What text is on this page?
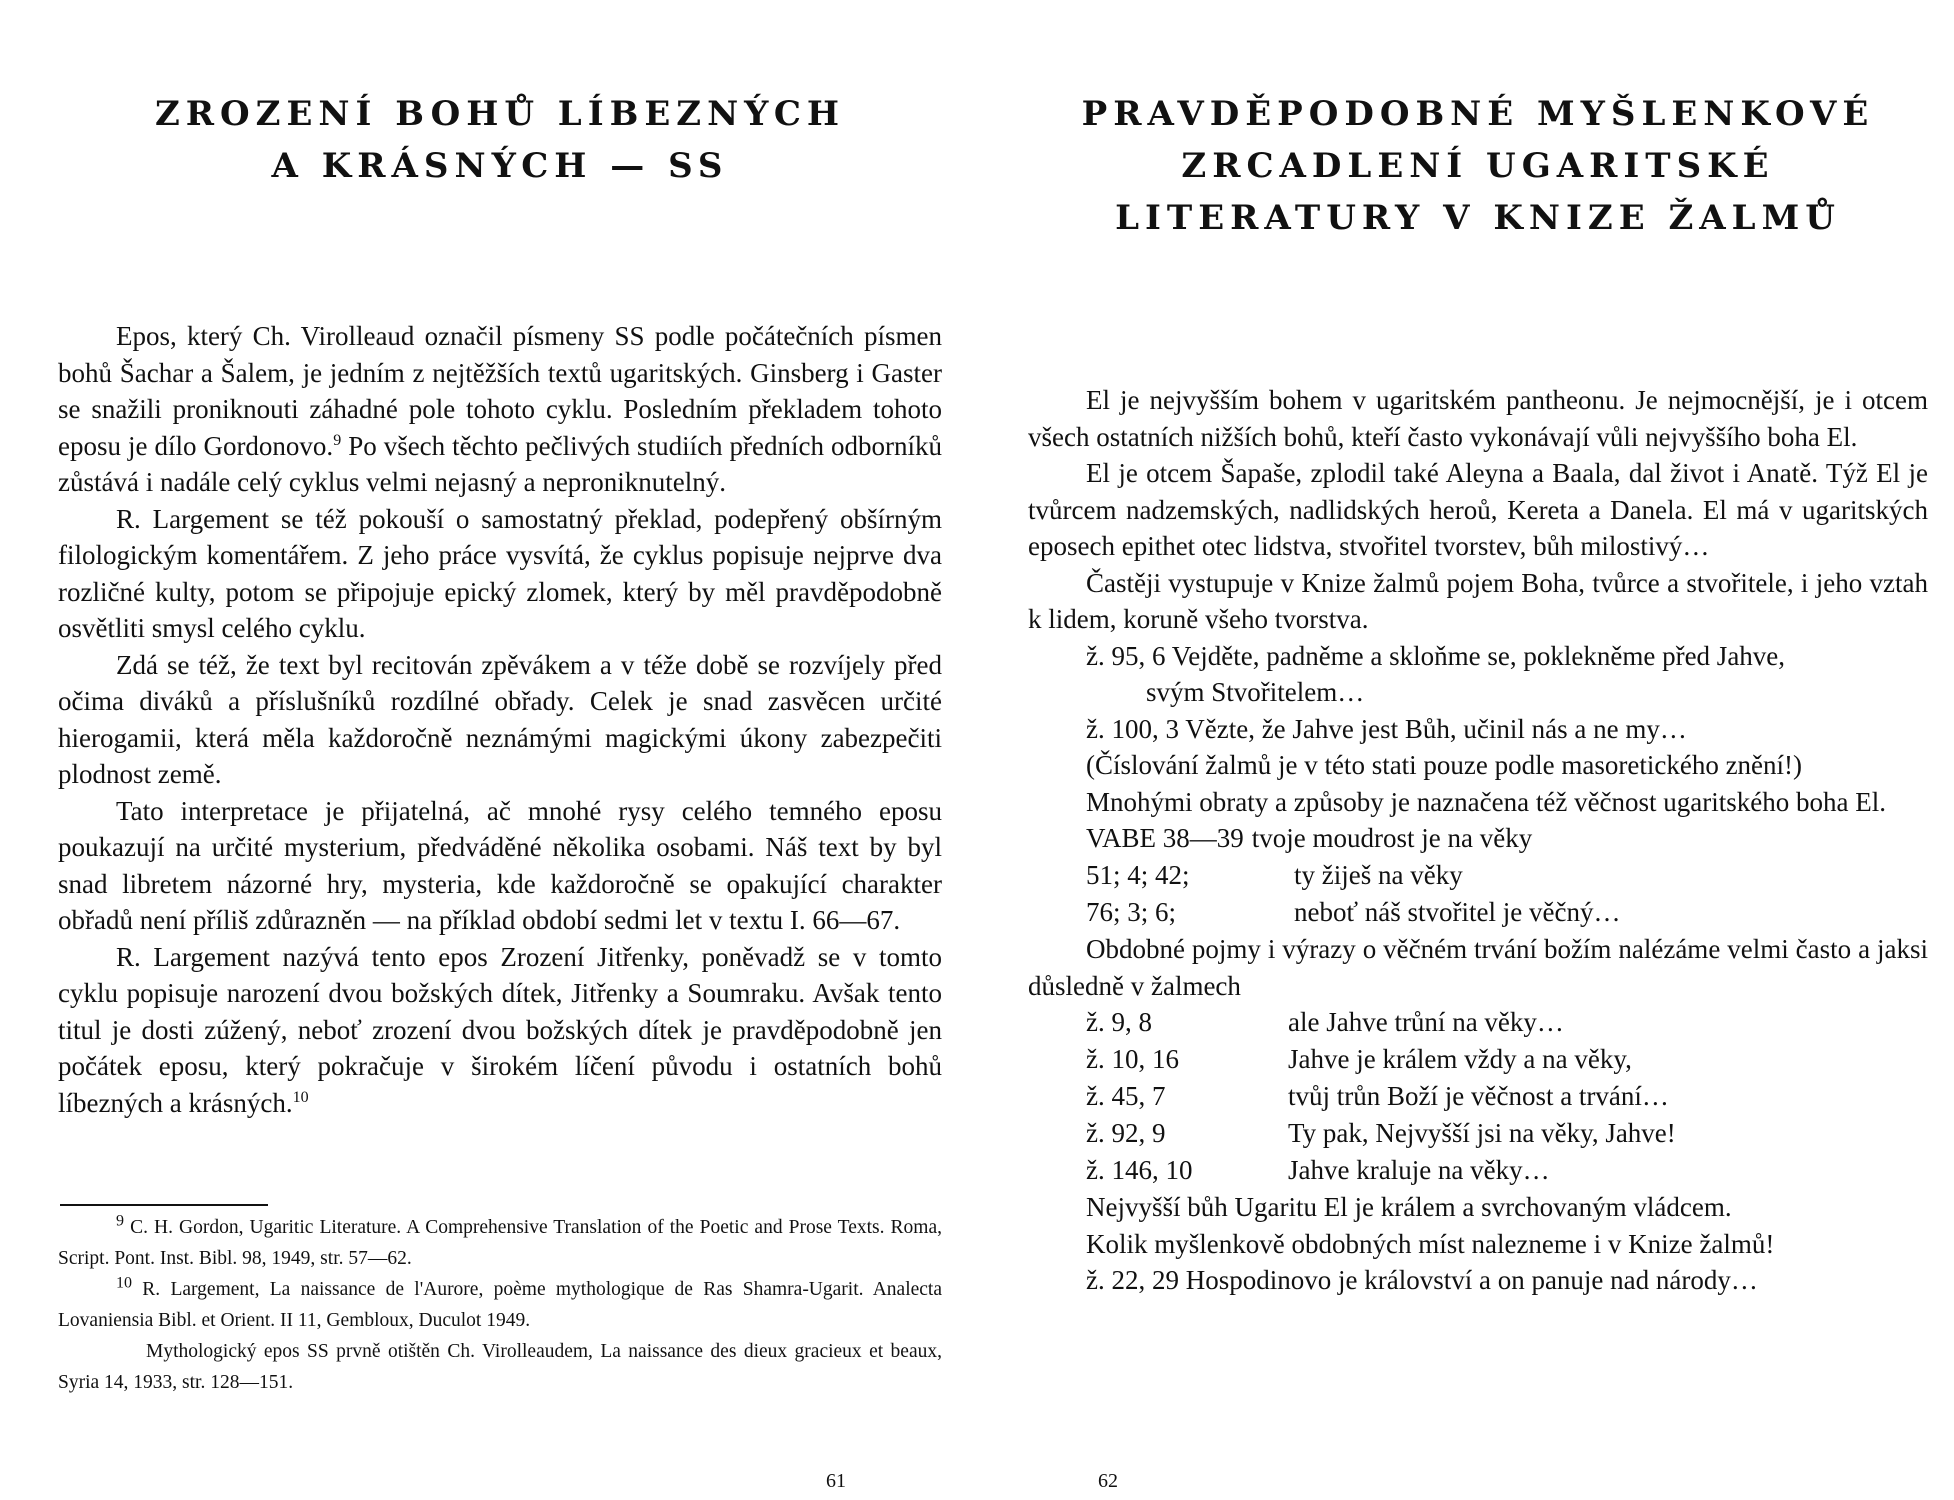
ZROZENÍ BOHŮ LÍBEZNÝCH
A KRÁSNÝCH — SS

Epos, který Ch. Virolleaud označil písmeny SS podle počátečních písmen bohů Šachar a Šalem, je jedním z nejtěžších textů ugaritských. Ginsberg i Gaster se snažili proniknouti záhadné pole tohoto cyklu. Posledním překladem tohoto eposu je dílo Gordonovo.$^9$ Po všech těchto pečlivých studiích předních odborníků zůstává i nadále celý cyklus velmi nejasný a neproniknutelný.

R. Largement se též pokouší o samostatný překlad, podepřený obšírným filologickým komentářem. Z jeho práce vysvítá, že cyklus popisuje nejprve dva rozličné kulty, potom se připojuje epický zlomek, který by měl pravděpodobně osvětliti smysl celého cyklu.

Zdá se též, že text byl recitován zpěvákem a v téže době se rozvíjely před očima diváků a příslušníků rozdílné obřady. Celek je snad zasvěcen určité hierogamii, která měla každoročně neznámými magickými úkony zabezpečiti plodnost země.

Tato interpretace je přijatelná, ač mnohé rysy celého temného eposu poukazují na určité mysterium, předváděné několika osobami. Náš text by byl snad libretem názorné hry, mysteria, kde každoročně se opakující charakter obřadů není příliš zdůrazněn — na příklad období sedmi let v textu I. 66—67.

R. Largement nazývá tento epos Zrození Jitřenky, poněvadž se v tomto cyklu popisuje narození dvou božských dítek, Jitřenky a Soumraku. Avšak tento titul je dosti zúžený, neboť zrození dvou božských dítek je pravděpodobně jen počátek eposu, který pokračuje v širokém líčení původu i ostatních bohů líbezných a krásných.$^{10}$

$^9$ C. H. Gordon, Ugaritic Literature. A Comprehensive Translation of the Poetic and Prose Texts. Roma, Script. Pont. Inst. Bibl. 98, 1949, str. 57—62.

$^{10}$ R. Largement, La naissance de l'Aurore, poème mythologique de Ras Shamra-Ugarit. Analecta Lovaniensia Bibl. et Orient. II 11, Gembloux, Duculot 1949.

Mythologický epos SS prvně otištěn Ch. Virolleaudem, La naissance des dieux gracieux et beaux, Syria 14, 1933, str. 128—151.

61
PRAVDĚPODOBNÉ MYŠLENKOVÉ
ZRCADLENÍ UGARITSKÉ
LITERATURY V KNIZE ŽALMŮ

El je nejvyšším bohem v ugaritském pantheonu. Je nejmocnější, je i otcem všech ostatních nižších bohů, kteří často vykonávají vůli nejvyššího boha El.

El je otcem Šapaše, zplodil také Aleyna a Baala, dal život i Anatě. Týž El je tvůrcem nadzemských, nadlidských heroů, Kereta a Danela. El má v ugaritských eposech epithet otec lidstva, stvořitel tvorstev, bůh milostivý…

Častěji vystupuje v Knize žalmů pojem Boha, tvůrce a stvořitele, i jeho vztah k lidem, koruně všeho tvorstva.

ž. 95, 6 Vejděte, padněme a skloňme se, poklekněme před Jahve,
svým Stvořitelem…
ž. 100, 3 Vězte, že Jahve jest Bůh, učinil nás a ne my…
(Číslování žalmů je v této stati pouze podle masoretického znění!)

Mnohými obraty a způsoby je naznačena též věčnost ugaritského boha El.

VABE 38—39 tvoje moudrost je na věky
51; 4; 42;	ty žiješ na věky
76; 3; 6;	neboť náš stvořitel je věčný…

Obdobné pojmy i výrazy o věčném trvání božím nalézáme velmi často a jaksi důsledně v žalmech

ž. 9, 8	ale Jahve trůní na věky…
ž. 10, 16	Jahve je králem vždy a na věky,
ž. 45, 7	tvůj trůn Boží je věčnost a trvání…
ž. 92, 9	Ty pak, Nejvyšší jsi na věky, Jahve!
ž. 146, 10	Jahve kraluje na věky…
Nejvyšší bůh Ugaritu El je králem a svrchovaným vládcem.
Kolik myšlenkově obdobných míst nalezneme i v Knize žalmů!
ž. 22, 29 Hospodinovo je království a on panuje nad národy…
62
